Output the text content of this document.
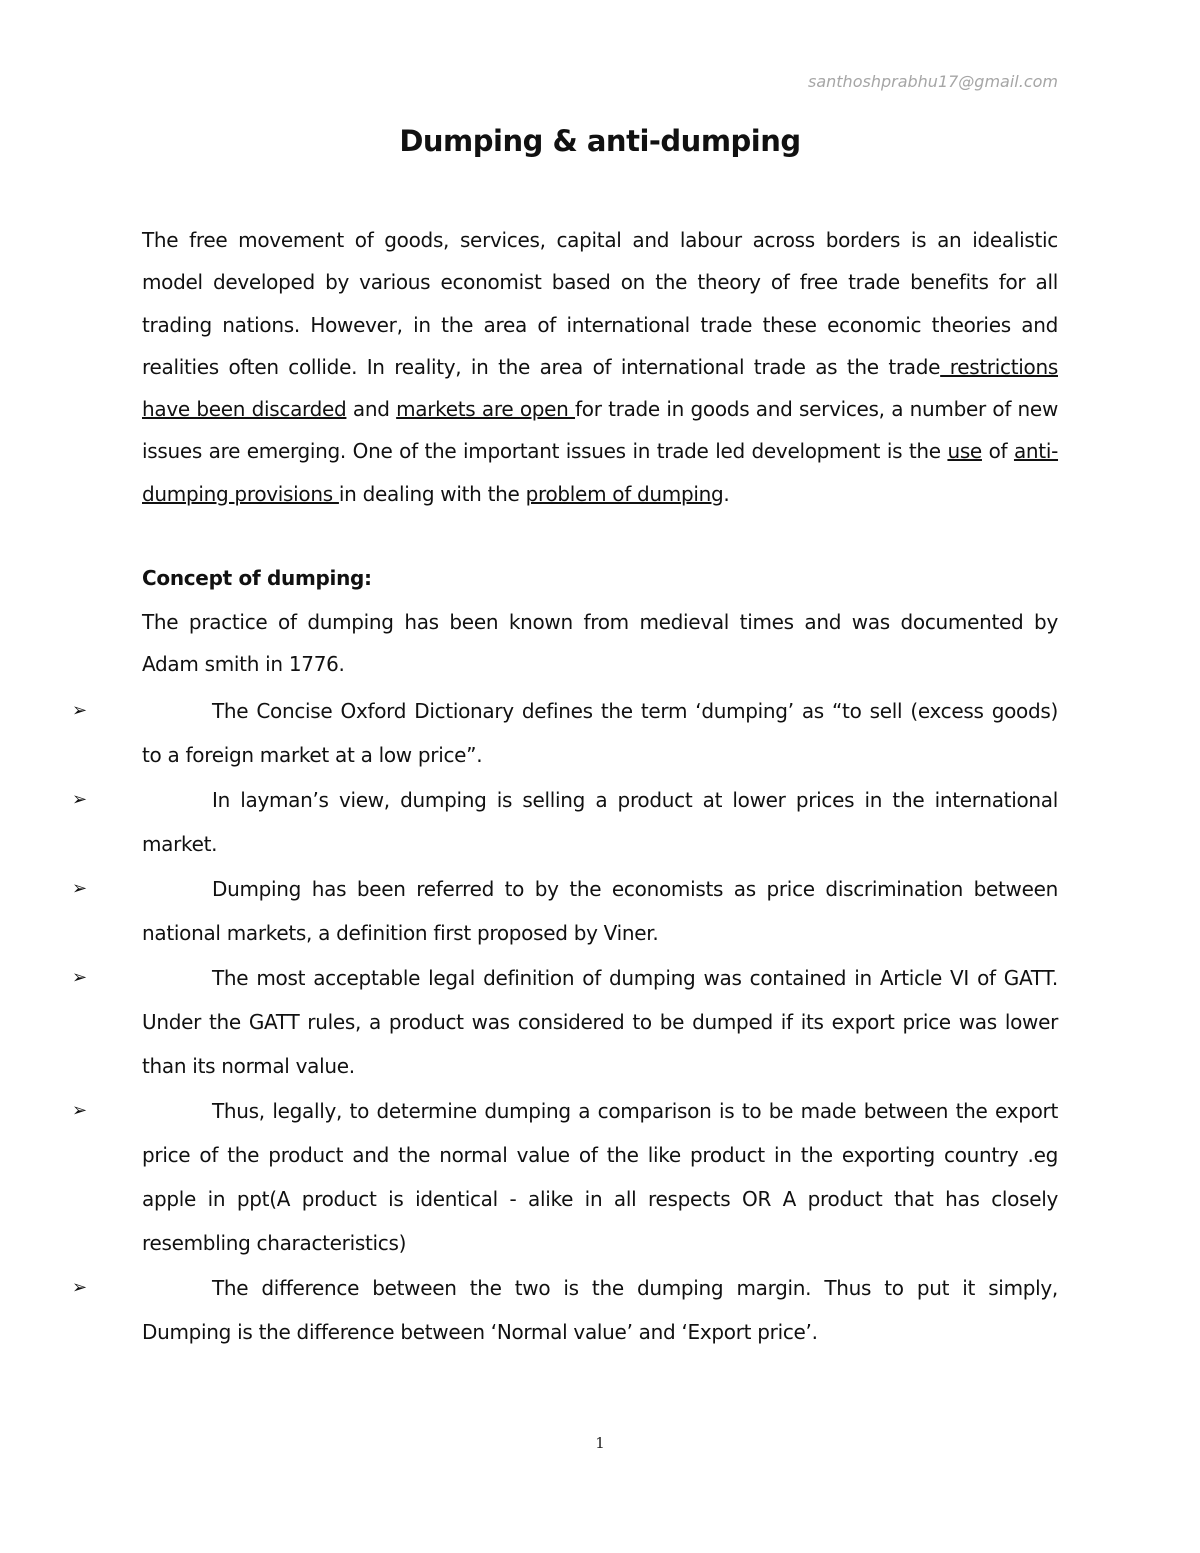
santhoshprabhu17@gmail.com
Dumping & anti-dumping

The free movement of goods, services, capital and labour across borders is an idealistic model developed by various economist based on the theory of free trade benefits for all trading nations. However, in the area of international trade these economic theories and realities often collide. In reality, in the area of international trade as the trade restrictions have been discarded and markets are open for trade in goods and services, a number of new issues are emerging. One of the important issues in trade led development is the use of anti-dumping provisions in dealing with the problem of dumping.

Concept of dumping:

The practice of dumping has been known from medieval times and was documented by Adam smith in 1776.

➢	The Concise Oxford Dictionary defines the term ‘dumping’ as “to sell (excess goods) to a foreign market at a low price”.
➢	In layman’s view, dumping is selling a product at lower prices in the international market.
➢	Dumping has been referred to by the economists as price discrimination between national markets, a definition first proposed by Viner.
➢	The most acceptable legal definition of dumping was contained in Article VI of GATT. Under the GATT rules, a product was considered to be dumped if its export price was lower than its normal value.
➢	Thus, legally, to determine dumping a comparison is to be made between the export price of the product and the normal value of the like product in the exporting country .eg apple in ppt(A product is identical - alike in all respects OR A product that has closely resembling characteristics)
➢	The difference between the two is the dumping margin. Thus to put it simply, Dumping is the difference between ‘Normal value’ and ‘Export price’.
1
